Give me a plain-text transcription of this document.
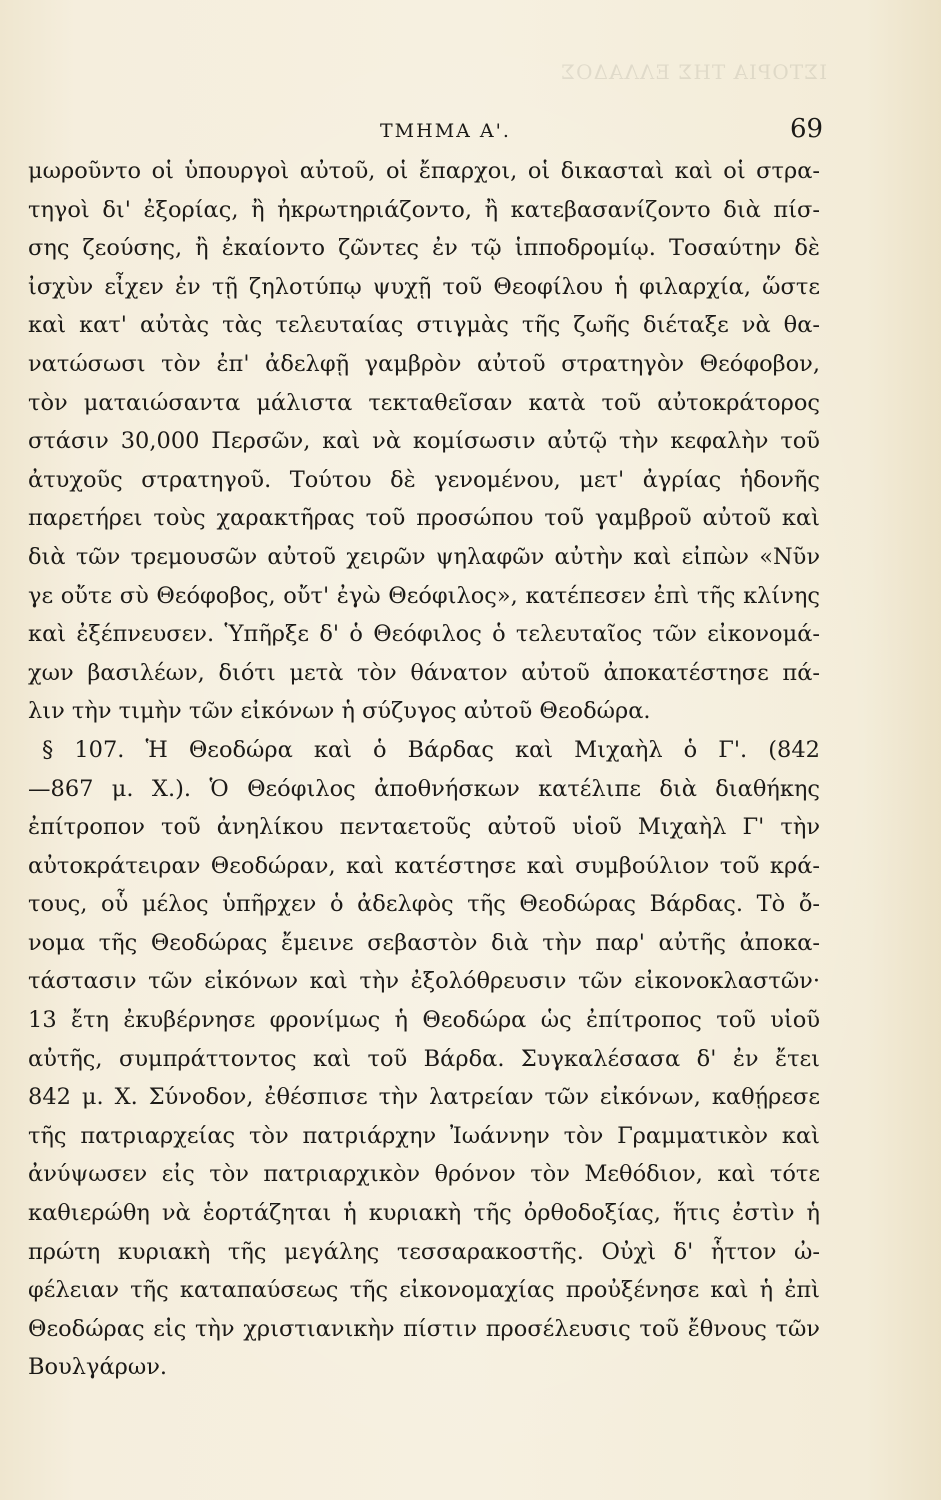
ΙΣΤΟΡΙΑ ΤΗΣ ΕΛΛΑΔΟΣ
ΤΜΗΜΑ Α'.	69
μωροῦντο οἱ ὑπουργοὶ αὐτοῦ, οἱ ἔπαρχοι, οἱ δικασταὶ καὶ οἱ στρα-
τηγοὶ δι' ἐξορίας, ἢ ἠκρωτηριάζοντο, ἢ κατεβασανίζοντο διὰ πίσ-
σης ζεούσης, ἢ ἐκαίοντο ζῶντες ἐν τῷ ἱπποδρομίῳ. Τοσαύτην δὲ
ἰσχὺν εἶχεν ἐν τῇ ζηλοτύπῳ ψυχῇ τοῦ Θεοφίλου ἡ φιλαρχία, ὥστε
καὶ κατ' αὐτὰς τὰς τελευταίας στιγμὰς τῆς ζωῆς διέταξε νὰ θα-
νατώσωσι τὸν ἐπ' ἀδελφῇ γαμβρὸν αὐτοῦ στρατηγὸν Θεόφοβον,
τὸν ματαιώσαντα μάλιστα τεκταθεῖσαν κατὰ τοῦ αὐτοκράτορος
στάσιν 30,000 Περσῶν, καὶ νὰ κομίσωσιν αὐτῷ τὴν κεφαλὴν τοῦ
ἀτυχοῦς στρατηγοῦ. Τούτου δὲ γενομένου, μετ' ἀγρίας ἡδονῆς
παρετήρει τοὺς χαρακτῆρας τοῦ προσώπου τοῦ γαμβροῦ αὐτοῦ καὶ
διὰ τῶν τρεμουσῶν αὐτοῦ χειρῶν ψηλαφῶν αὐτὴν καὶ εἰπὼν «Νῦν
γε οὔτε σὺ Θεόφοβος, οὔτ' ἐγὼ Θεόφιλος», κατέπεσεν ἐπὶ τῆς κλίνης
καὶ ἐξέπνευσεν. Ὑπῆρξε δ' ὁ Θεόφιλος ὁ τελευταῖος τῶν εἰκονομά-
χων βασιλέων, διότι μετὰ τὸν θάνατον αὐτοῦ ἀποκατέστησε πά-
λιν τὴν τιμὴν τῶν εἰκόνων ἡ σύζυγος αὐτοῦ Θεοδώρα.
§ 107. Ἡ Θεοδώρα καὶ ὁ Βάρδας καὶ Μιχαὴλ ὁ Γ'. (842
—867 μ. Χ.). Ὁ Θεόφιλος ἀποθνήσκων κατέλιπε διὰ διαθήκης
ἐπίτροπον τοῦ ἀνηλίκου πενταετοῦς αὐτοῦ υἱοῦ Μιχαὴλ Γ' τὴν
αὐτοκράτειραν Θεοδώραν, καὶ κατέστησε καὶ συμβούλιον τοῦ κρά-
τους, οὗ μέλος ὑπῆρχεν ὁ ἀδελφὸς τῆς Θεοδώρας Βάρδας. Τὸ ὄ-
νομα τῆς Θεοδώρας ἔμεινε σεβαστὸν διὰ τὴν παρ' αὐτῆς ἀποκα-
τάστασιν τῶν εἰκόνων καὶ τὴν ἐξολόθρευσιν τῶν εἰκονοκλαστῶν·
13 ἔτη ἐκυβέρνησε φρονίμως ἡ Θεοδώρα ὡς ἐπίτροπος τοῦ υἱοῦ
αὐτῆς, συμπράττοντος καὶ τοῦ Βάρδα. Συγκαλέσασα δ' ἐν ἔτει
842 μ. Χ. Σύνοδον, ἐθέσπισε τὴν λατρείαν τῶν εἰκόνων, καθῄρεσε
τῆς πατριαρχείας τὸν πατριάρχην Ἰωάννην τὸν Γραμματικὸν καὶ
ἀνύψωσεν εἰς τὸν πατριαρχικὸν θρόνον τὸν Μεθόδιον, καὶ τότε
καθιερώθη νὰ ἑορτάζηται ἡ κυριακὴ τῆς ὀρθοδοξίας, ἥτις ἐστὶν ἡ
πρώτη κυριακὴ τῆς μεγάλης τεσσαρακοστῆς. Οὐχὶ δ' ἧττον ὠ-
φέλειαν τῆς καταπαύσεως τῆς εἰκονομαχίας προὐξένησε καὶ ἡ ἐπὶ
Θεοδώρας εἰς τὴν χριστιανικὴν πίστιν προσέλευσις τοῦ ἔθνους τῶν
Βουλγάρων.
